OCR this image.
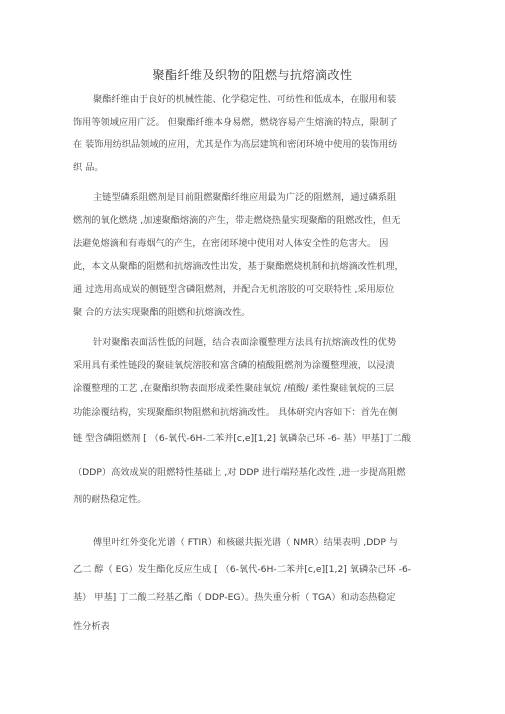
聚酯纤维及织物的阻燃与抗熔滴改性
聚酯纤维由于良好的机械性能、化学稳定性、可纺性和低成本，在服用和装
饰用等领域应用广泛。 但聚酯纤维本身易燃，燃烧容易产生熔滴的特点，限制了
在 装饰用纺织品领域的应用，尤其是作为高层建筑和密闭环境中使用的装饰用纺
织 品。
主链型磷系阻燃剂是目前阻燃聚酯纤维应用最为广泛的阻燃剂，通过磷系阻
燃剂的氧化燃烧 ,加速聚酯熔滴的产生，带走燃烧热量实现聚酯的阻燃改性，但无
法避免熔滴和有毒烟气的产生，在密闭环境中使用对人体安全性的危害大。 因
此，本文从聚酯的阻燃和抗熔滴改性出发，基于聚酯燃烧机制和抗熔滴改性机理，
通 过选用高成炭的侧链型含磷阻燃剂，并配合无机溶胶的可交联特性 ,采用原位
聚 合的方法实现聚酯的阻燃和抗熔滴改性。
针对聚酯表面活性低的问题，结合表面涂覆整理方法具有抗熔滴改性的优势
采用具有柔性链段的聚硅氧烷溶胶和富含磷的植酸阻燃剂为涂覆整理液，以浸渍
涂覆整理的工艺 ,在聚酯织物表面形成柔性聚硅氧烷 /植酸/ 柔性聚硅氧烷的三层
功能涂覆结构，实现聚酯织物阻燃和抗熔滴改性。 具体研究内容如下：首先在侧
链 型含磷阻燃剂 [ （6-氧代-6H-二苯并[c,e][1,2] 氧磷杂己环 -6- 基）甲基]丁二酸
（DDP）高效成炭的阻燃特性基础上 ,对 DDP 进行端羟基化改性 ,进一步提高阻燃
剂的耐热稳定性。
傅里叶红外变化光谱（ FTIR）和核磁共振光谱（ NMR）结果表明 ,DDP 与
乙二 醇（ EG）发生酯化反应生成 [ （6-氧代-6H-二苯并[c,e][1,2] 氧磷杂己环 -6-
基） 甲基] 丁二酸二羟基乙酯（ DDP-EG）。热失重分析（ TGA）和动态热稳定
性分析表
